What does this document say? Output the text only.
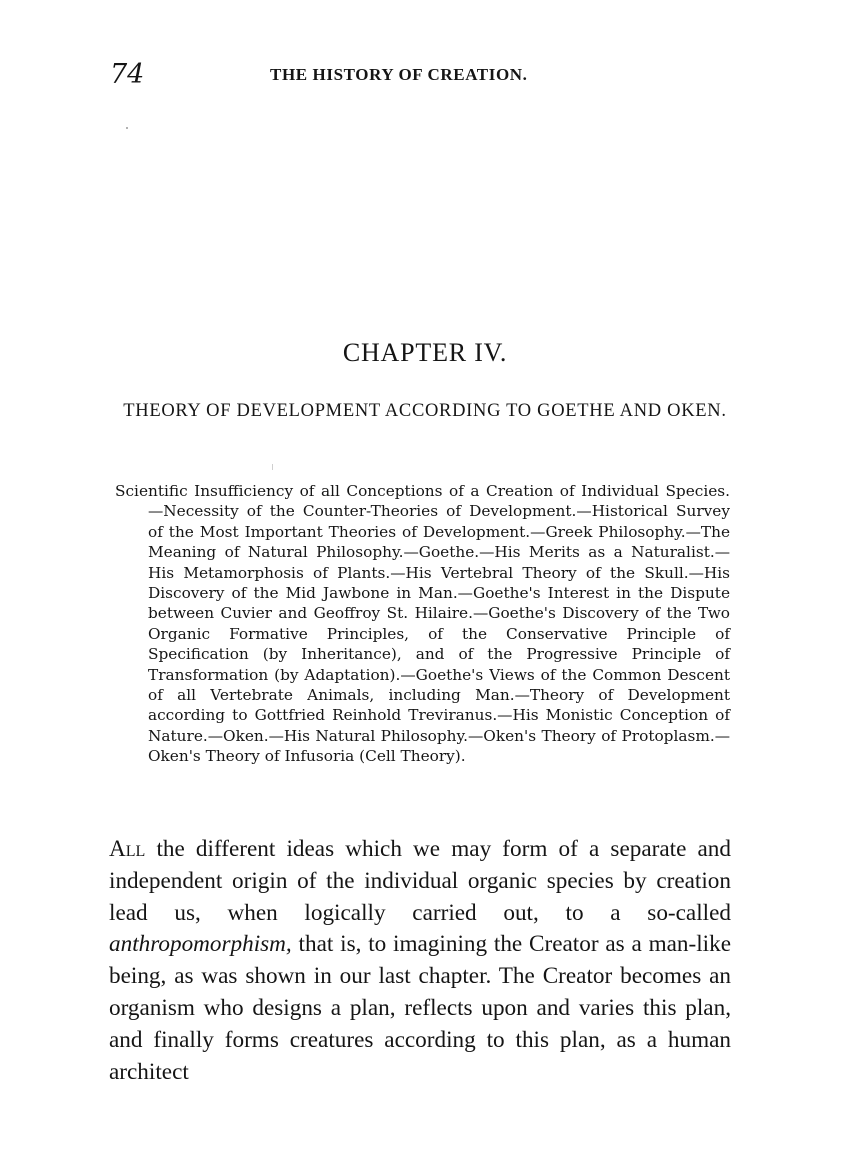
74	THE HISTORY OF CREATION.
CHAPTER IV.
THEORY OF DEVELOPMENT ACCORDING TO GOETHE AND OKEN.

Scientific Insufficiency of all Conceptions of a Creation of Individual Species. —Necessity of the Counter-Theories of Development.—Historical Survey of the Most Important Theories of Development.—Greek Philosophy.—The Meaning of Natural Philosophy.—Goethe.—His Merits as a Naturalist.—His Metamorphosis of Plants.—His Vertebral Theory of the Skull.—His Discovery of the Mid Jawbone in Man.—Goethe's Interest in the Dispute between Cuvier and Geoffroy St. Hilaire.—Goethe's Discovery of the Two Organic Formative Principles, of the Conservative Principle of Specification (by Inheritance), and of the Progressive Principle of Transformation (by Adaptation).—Goethe's Views of the Common Descent of all Vertebrate Animals, including Man.—Theory of Development according to Gottfried Reinhold Treviranus.—His Monistic Conception of Nature.—Oken.—His Natural Philosophy.—Oken's Theory of Protoplasm.—Oken's Theory of Infusoria (Cell Theory).

All the different ideas which we may form of a separate and independent origin of the individual organic species by creation lead us, when logically carried out, to a so-called anthropomorphism, that is, to imagining the Creator as a man-like being, as was shown in our last chapter. The Creator becomes an organism who designs a plan, reflects upon and varies this plan, and finally forms creatures according to this plan, as a human architect
